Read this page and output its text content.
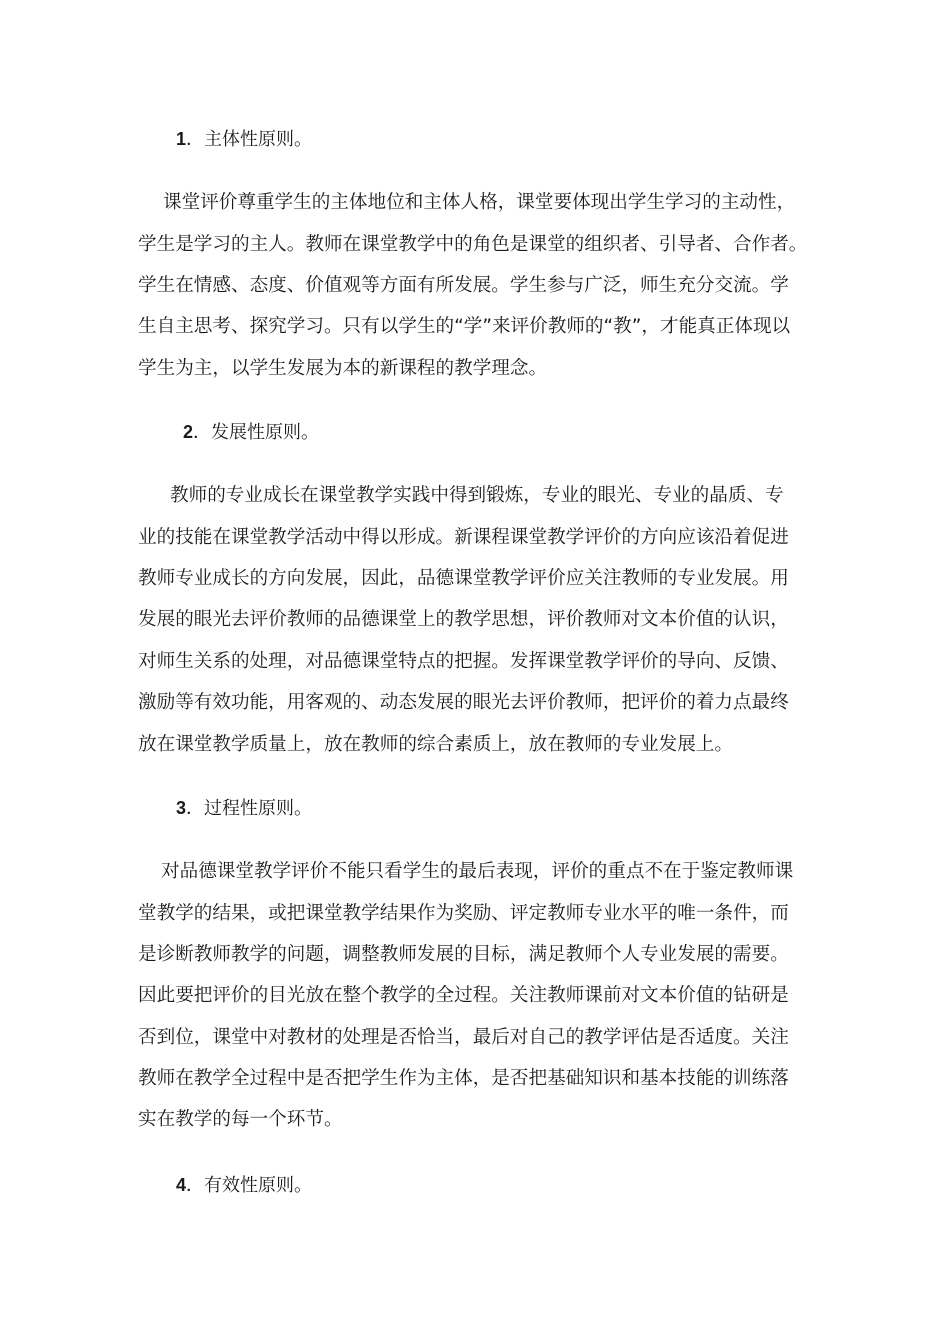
1．主体性原则。
课堂评价尊重学生的主体地位和主体人格，课堂要体现出学生学习的主动性，
学生是学习的主人。教师在课堂教学中的角色是课堂的组织者、引导者、合作者。
学生在情感、态度、价值观等方面有所发展。学生参与广泛，师生充分交流。学
生自主思考、探究学习。只有以学生的“学”来评价教师的“教”，才能真正体现以
学生为主，以学生发展为本的新课程的教学理念。
2．发展性原则。
教师的专业成长在课堂教学实践中得到锻炼，专业的眼光、专业的晶质、专
业的技能在课堂教学活动中得以形成。新课程课堂教学评价的方向应该沿着促进
教师专业成长的方向发展，因此，品德课堂教学评价应关注教师的专业发展。用
发展的眼光去评价教师的品德课堂上的教学思想，评价教师对文本价值的认识，
对师生关系的处理，对品德课堂特点的把握。发挥课堂教学评价的导向、反馈、
激励等有效功能，用客观的、动态发展的眼光去评价教师，把评价的着力点最终
放在课堂教学质量上，放在教师的综合素质上，放在教师的专业发展上。
3．过程性原则。
对品德课堂教学评价不能只看学生的最后表现，评价的重点不在于鉴定教师课
堂教学的结果，或把课堂教学结果作为奖励、评定教师专业水平的唯一条件，而
是诊断教师教学的问题，调整教师发展的目标，满足教师个人专业发展的需要。
因此要把评价的目光放在整个教学的全过程。关注教师课前对文本价值的钻研是
否到位，课堂中对教材的处理是否恰当，最后对自己的教学评估是否适度。关注
教师在教学全过程中是否把学生作为主体，是否把基础知识和基本技能的训练落
实在教学的每一个环节。
4．有效性原则。
